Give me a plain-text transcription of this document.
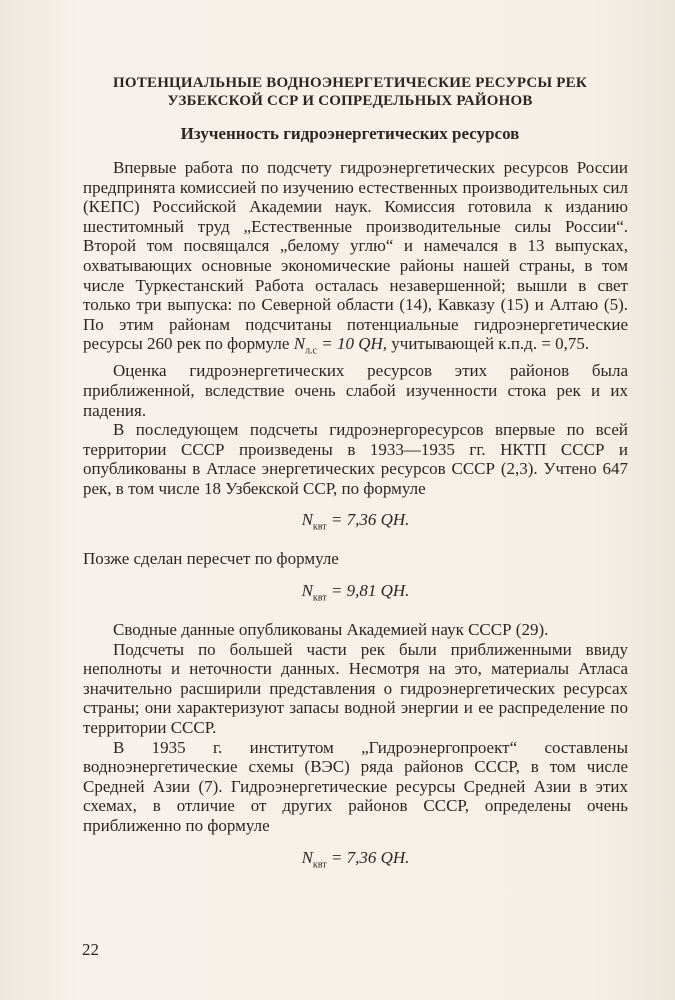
ПОТЕНЦИАЛЬНЫЕ ВОДНОЭНЕРГЕТИЧЕСКИЕ РЕСУРСЫ РЕК
УЗБЕКСКОЙ ССР И СОПРЕДЕЛЬНЫХ РАЙОНОВ
Изученность гидроэнергетических ресурсов

Впервые работа по подсчету гидроэнергетических ресурсов России предпринята комиссией по изучению естественных производительных сил (КЕПС) Российской Академии наук. Комиссия готовила к изданию шеститомный труд „Естественные производительные силы России“. Второй том посвящался „белому углю“ и намечался в 13 выпусках, охватывающих основные экономические районы нашей страны, в том числе Туркестанский Работа осталась незавершенной; вышли в свет только три выпуска: по Северной области (14), Кавказу (15) и Алтаю (5). По этим районам подсчитаны потенциальные гидроэнергетические ресурсы 260 рек по формуле $N_{л.с} = 10$ QH, учитывающей к.п.д. = 0,75.

Оценка гидроэнергетических ресурсов этих районов была приближенной, вследствие очень слабой изученности стока рек и их падения.

В последующем подсчеты гидроэнергоресурсов впервые по всей территории СССР произведены в 1933—1935 гг. НКТП СССР и опубликованы в Атласе энергетических ресурсов СССР (2,3). Учтено 647 рек, в том числе 18 Узбекской ССР, по формуле

$N_{квт} = 7,36$ QH.

Позже сделан пересчет по формуле

$N_{квт} = 9,81$ QH.

Сводные данные опубликованы Академией наук СССР (29).

Подсчеты по большей части рек были приближенными ввиду неполноты и неточности данных. Несмотря на это, материалы Атласа значительно расширили представления о гидроэнергетических ресурсах страны; они характеризуют запасы водной энергии и ее распределение по территории СССР.

В 1935 г. институтом „Гидроэнергопроект“ составлены водноэнергетические схемы (ВЭС) ряда районов СССР, в том числе Средней Азии (7). Гидроэнергетические ресурсы Средней Азии в этих схемах, в отличие от других районов СССР, определены очень приближенно по формуле

$N_{квт} = 7,36$ QH.
22
